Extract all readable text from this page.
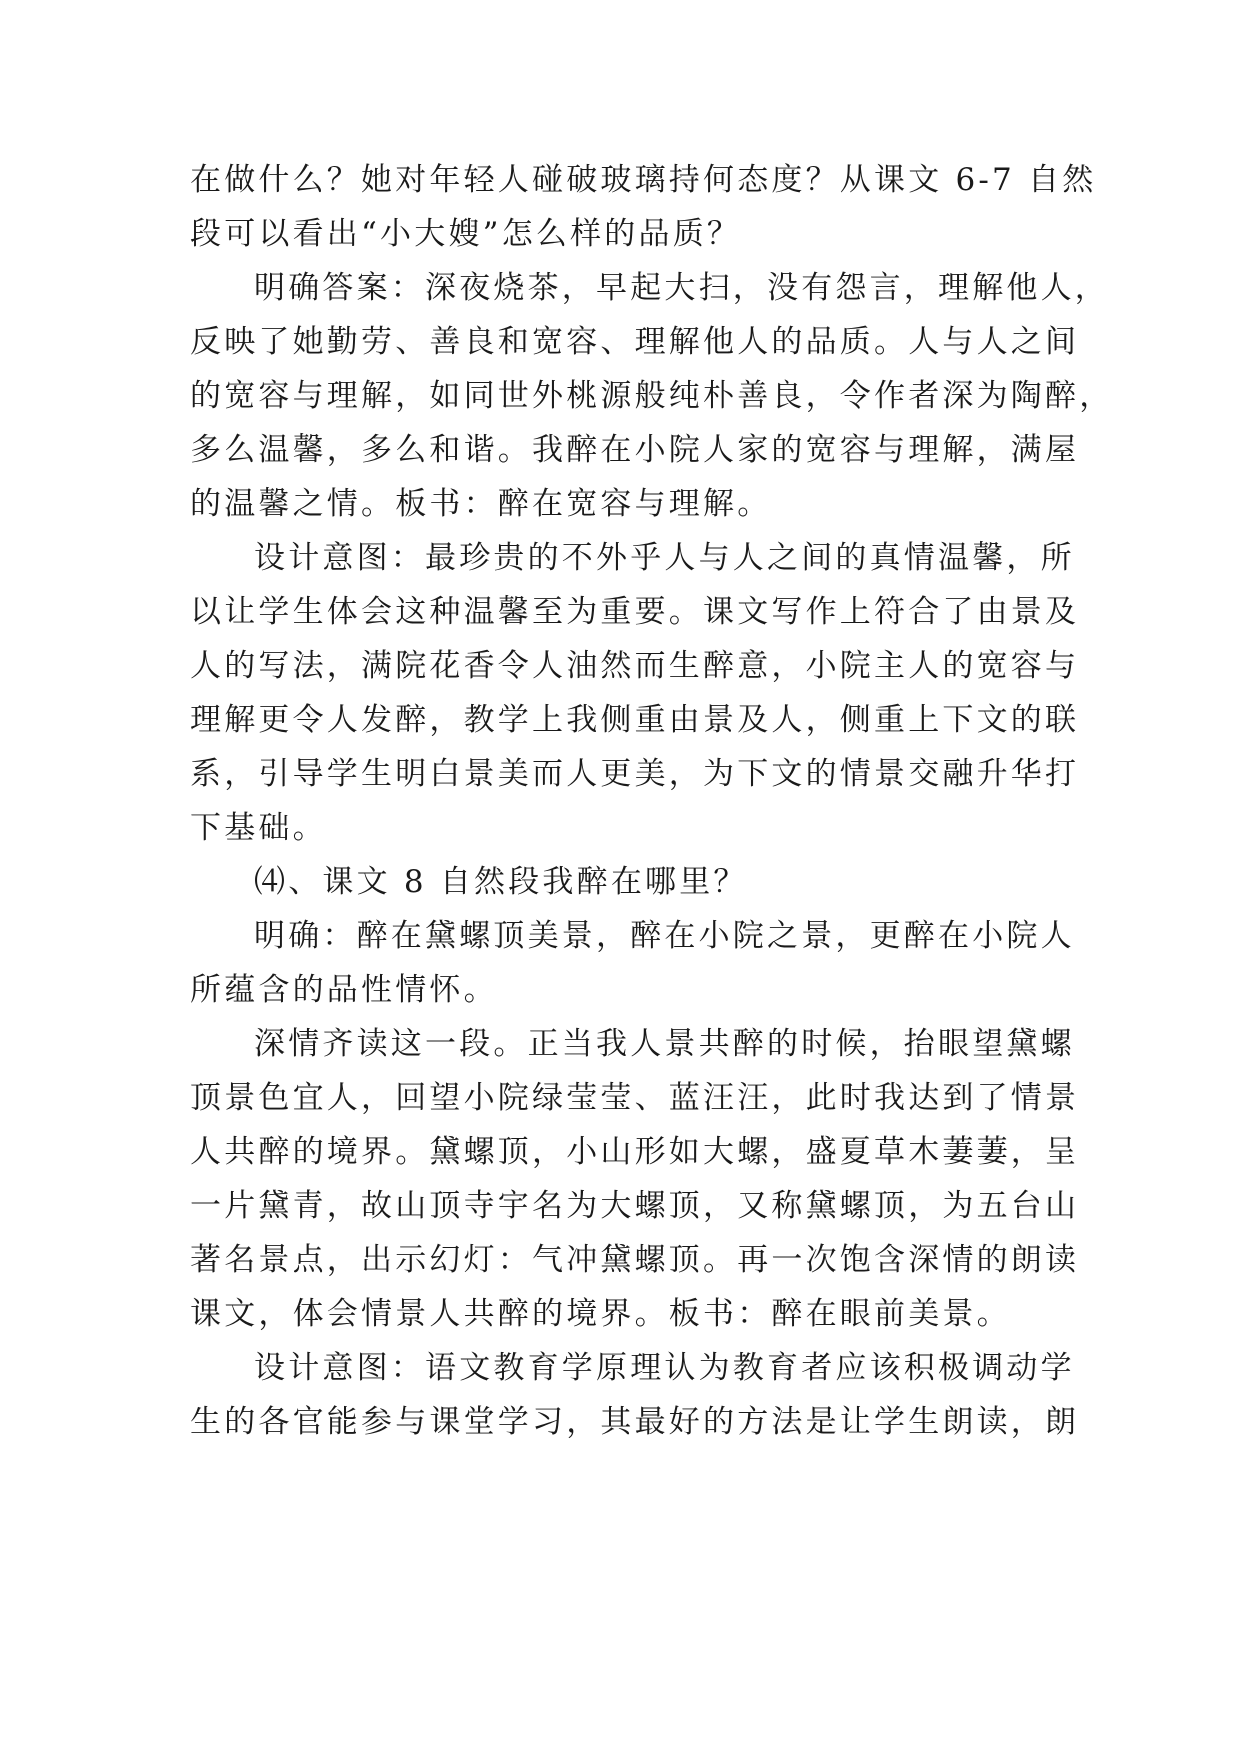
在做什么？她对年轻人碰破玻璃持何态度？从课文 6-7 自然
段可以看出“小大嫂”怎么样的品质？
明确答案：深夜烧茶，早起大扫，没有怨言，理解他人，
反映了她勤劳、善良和宽容、理解他人的品质。人与人之间
的宽容与理解，如同世外桃源般纯朴善良，令作者深为陶醉，
多么温馨，多么和谐。我醉在小院人家的宽容与理解，满屋
的温馨之情。板书：醉在宽容与理解。
设计意图：最珍贵的不外乎人与人之间的真情温馨，所
以让学生体会这种温馨至为重要。课文写作上符合了由景及
人的写法，满院花香令人油然而生醉意，小院主人的宽容与
理解更令人发醉，教学上我侧重由景及人，侧重上下文的联
系，引导学生明白景美而人更美，为下文的情景交融升华打
下基础。
⑷、课文 8 自然段我醉在哪里？
明确：醉在黛螺顶美景，醉在小院之景，更醉在小院人
所蕴含的品性情怀。
深情齐读这一段。正当我人景共醉的时候，抬眼望黛螺
顶景色宜人，回望小院绿莹莹、蓝汪汪，此时我达到了情景
人共醉的境界。黛螺顶，小山形如大螺，盛夏草木萋萋，呈
一片黛青，故山顶寺宇名为大螺顶，又称黛螺顶，为五台山
著名景点，出示幻灯：气冲黛螺顶。再一次饱含深情的朗读
课文，体会情景人共醉的境界。板书：醉在眼前美景。
设计意图：语文教育学原理认为教育者应该积极调动学
生的各官能参与课堂学习，其最好的方法是让学生朗读，朗
